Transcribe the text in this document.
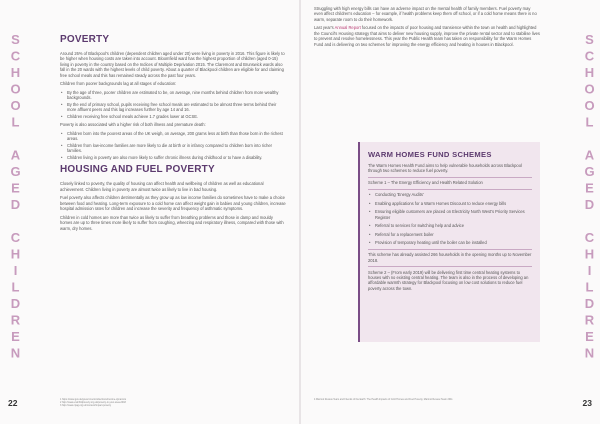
SCHOOL AGED CHILDREN	SCHOOL AGED CHILDREN
POVERTY

Around 26% of Blackpool's children (dependent children aged under 20) were living in poverty in 2016. This figure is likely to be higher when housing costs are taken into account. Bloomfield ward has the highest proportion of children (aged 0-15) living in poverty in the country based on the Indices of Multiple Deprivation 2015. The Claremont and Brunswick wards also fall in the 20 wards with the highest levels of child poverty. About a quarter of Blackpool children are eligible for and claiming free school meals and this has remained steady across the past four years.

Children from poorer backgrounds lag at all stages of education:

• By the age of three, poorer children are estimated to be, on average, nine months behind children from more wealthy backgrounds.
• By the end of primary school, pupils receiving free school meals are estimated to be almost three terms behind their more affluent peers and this lag increases further by age 14 and 16.
• Children receiving free school meals achieve 1.7 grades lower at GCSE.

Poverty is also associated with a higher risk of both illness and premature death:

• Children born into the poorest areas of the UK weigh, on average, 200 grams less at birth than those born in the richest areas.
• Children from low-income families are more likely to die at birth or in infancy compared to children born into richer families.
• Children living in poverty are also more likely to suffer chronic illness during childhood or to have a disability.
HOUSING AND FUEL POVERTY

Closely linked to poverty, the quality of housing can affect health and wellbeing of children as well as educational achievement. Children living in poverty are almost twice as likely to live in bad housing.

Fuel poverty also affects children detrimentally as they grow up as low income families do sometimes have to make a choice between food and heating. Long-term exposure to a cold home can affect weight gain in babies and young children, increase hospital admission rates for children and increase the severity and frequency of asthmatic symptoms.

Children in cold homes are more than twice as likely to suffer from breathing problems and those in damp and mouldy homes are up to three times more likely to suffer from coughing, wheezing and respiratory illness, compared with those with warm, dry homes.

Struggling with high energy bills can have an adverse impact on the mental health of family members. Fuel poverty may even affect children's education – for example, if health problems keep them off school, or if a cold home means there is no warm, separate room to do their homework.

Last year's Annual Report focused on the impacts of poor housing and transience within the town on health and highlighted the Council's Housing strategy that aims to deliver new housing supply, improve the private rental sector and to stabilise lives to prevent and resolve homelessness. This year the Public Health team has taken on responsibility for the Warm Homes Fund and is delivering on two schemes for improving the energy efficiency and heating in houses in Blackpool.

WARM HOMES FUND SCHEMES

The Warm Homes Health Fund aims to help vulnerable households across Blackpool through two schemes to reduce fuel poverty.

Scheme 1 – The Energy Efficiency and Health Related Solution

• Conducting 'Energy Audits'
• Enabling applications for a Warm Homes Discount to reduce energy bills
• Ensuring eligible customers are placed on Electricity North West's Priority Services Register
• Referral to services for switching help and advice
• Referral for a replacement boiler
• Provision of temporary heating until the boiler can be installed

This scheme has already assisted 266 households in the opening months up to November 2018.

Scheme 2 – (From early 2019) will be delivering first time central heating systems to houses with no existing central heating. The team is also in the process of developing an affordable warmth strategy for Blackpool focusing on low cost solutions to reduce fuel poverty across the town.

22	23
1 https://www.gov.uk/government/collections/income-dynamics
2 http://www.endchildpoverty.org.uk/poverty-in-your-area-2018
3 http://www.cpag.org.uk/content/impact-poverty
4 Marmot Review Team and Friends of the Earth: The Health Impacts of Cold Homes and Fuel Poverty, Marmot Review Team 2011
